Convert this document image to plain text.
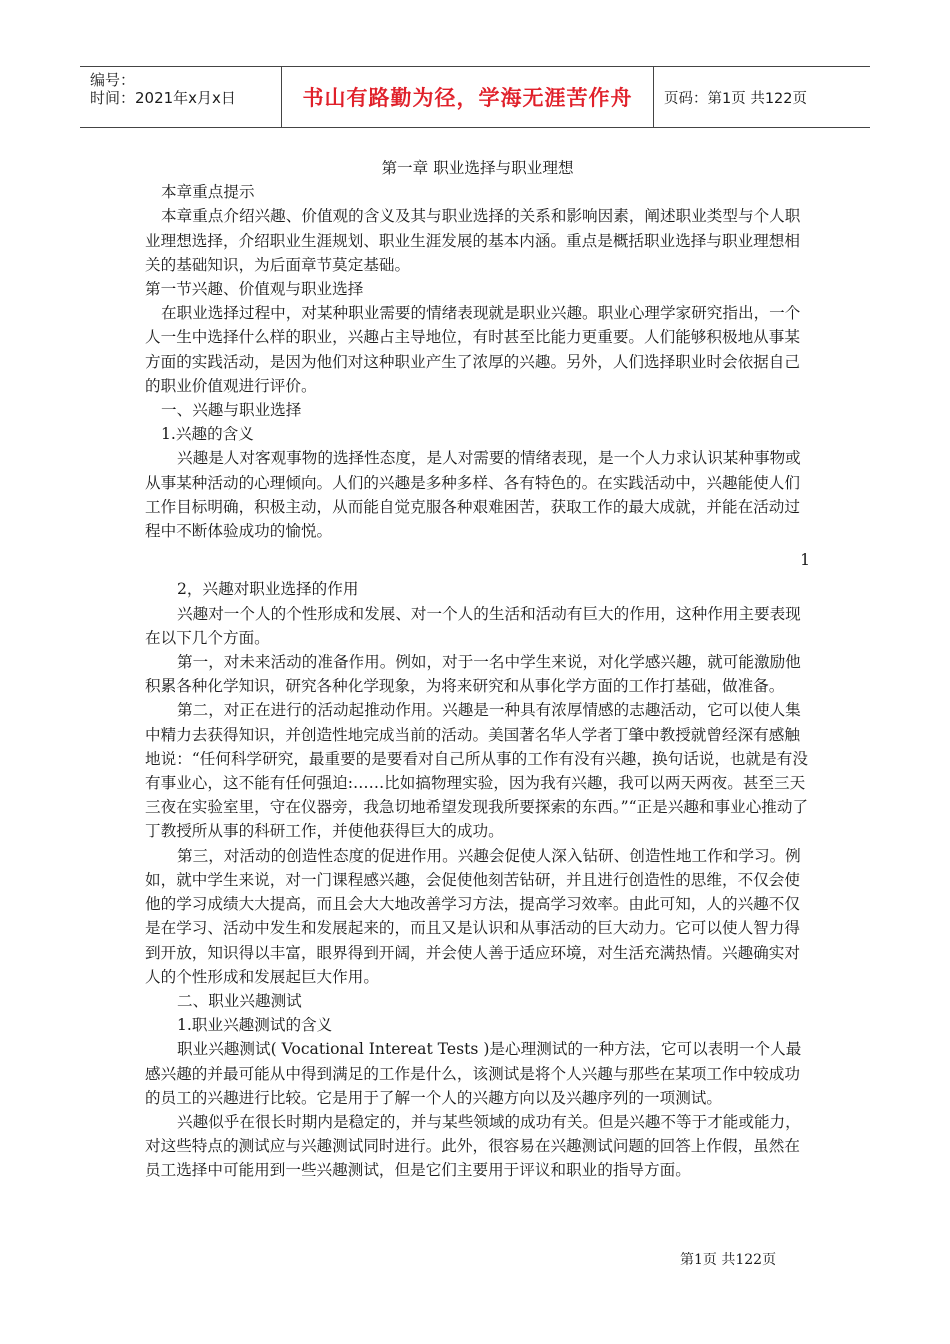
编号：
时间：2021年x月x日	书山有路勤为径，学海无涯苦作舟	页码：第1页 共122页

第一章 职业选择与职业理想

本章重点提示

本章重点介绍兴趣、价值观的含义及其与职业选择的关系和影响因素，阐述职业类型与个人职业理想选择，介绍职业生涯规划、职业生涯发展的基本内涵。重点是概括职业选择与职业理想相关的基础知识，为后面章节莫定基础。

第一节兴趣、价值观与职业选择

在职业选择过程中，对某种职业需要的情绪表现就是职业兴趣。职业心理学家研究指出，一个人一生中选择什么样的职业，兴趣占主导地位，有时甚至比能力更重要。人们能够积极地从事某方面的实践活动，是因为他们对这种职业产生了浓厚的兴趣。另外，人们选择职业时会依据自己的职业价值观进行评价。

一、兴趣与职业选择

1.兴趣的含义

兴趣是人对客观事物的选择性态度，是人对需要的情绪表现，是一个人力求认识某种事物或从事某种活动的心理倾向。人们的兴趣是多种多样、各有特色的。在实践活动中，兴趣能使人们工作目标明确，积极主动，从而能自觉克服各种艰难困苦，获取工作的最大成就，并能在活动过程中不断体验成功的愉悦。

1

2，兴趣对职业选择的作用

兴趣对一个人的个性形成和发展、对一个人的生活和活动有巨大的作用，这种作用主要表现在以下几个方面。

第一，对未来活动的准备作用。例如，对于一名中学生来说，对化学感兴趣，就可能激励他积累各种化学知识，研究各种化学现象，为将来研究和从事化学方面的工作打基础，做准备。

第二，对正在进行的活动起推动作用。兴趣是一种具有浓厚情感的志趣活动，它可以使人集中精力去获得知识，并创造性地完成当前的活动。美国著名华人学者丁肇中教授就曾经深有感触地说：“任何科学研究，最重要的是要看对自己所从事的工作有没有兴趣，换句话说，也就是有没有事业心，这不能有任何强迫:……比如搞物理实验，因为我有兴趣，我可以两天两夜。甚至三天三夜在实验室里，守在仪器旁，我急切地希望发现我所要探索的东西。”“正是兴趣和事业心推动了丁教授所从事的科研工作，并使他获得巨大的成功。

第三，对活动的创造性态度的促进作用。兴趣会促使人深入钻研、创造性地工作和学习。例如，就中学生来说，对一门课程感兴趣，会促使他刻苦钻研，并且进行创造性的思维，不仅会使他的学习成绩大大提高，而且会大大地改善学习方法，提高学习效率。由此可知，人的兴趣不仅是在学习、活动中发生和发展起来的，而且又是认识和从事活动的巨大动力。它可以使人智力得到开放，知识得以丰富，眼界得到开阔，并会使人善于适应环境，对生活充满热情。兴趣确实对人的个性形成和发展起巨大作用。

二、职业兴趣测试

1.职业兴趣测试的含义

职业兴趣测试( Vocational Intereat Tests )是心理测试的一种方法，它可以表明一个人最感兴趣的并最可能从中得到满足的工作是什么，该测试是将个人兴趣与那些在某项工作中较成功的员工的兴趣进行比较。它是用于了解一个人的兴趣方向以及兴趣序列的一项测试。

兴趣似乎在很长时期内是稳定的，并与某些领域的成功有关。但是兴趣不等于才能或能力，对这些特点的测试应与兴趣测试同时进行。此外，很容易在兴趣测试问题的回答上作假，虽然在员工选择中可能用到一些兴趣测试，但是它们主要用于评议和职业的指导方面。

第1页 共122页
